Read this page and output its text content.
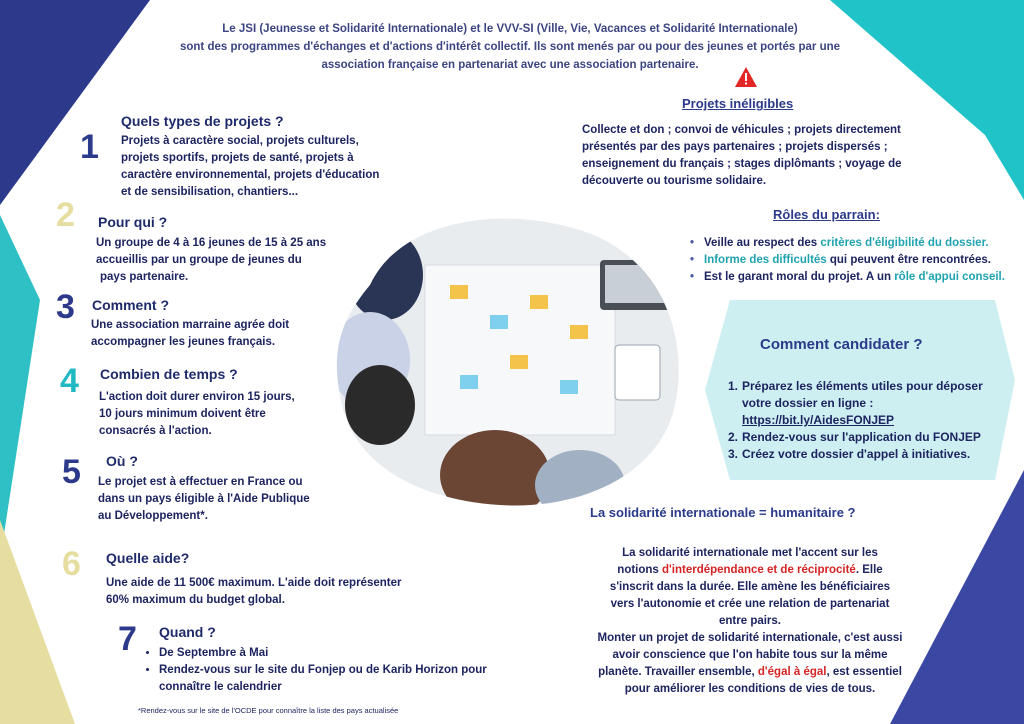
Le JSI (Jeunesse et Solidarité Internationale) et le VVV-SI (Ville, Vie, Vacances et Solidarité Internationale)
sont des programmes d'échanges et d'actions d'intérêt collectif. Ils sont menés par ou pour des jeunes et portés par une
association française en partenariat avec une association partenaire.
1
Quels types de projets ?
Projets à caractère social, projets culturels,
projets sportifs, projets de santé, projets à
caractère environnemental, projets d'éducation
et de sensibilisation, chantiers...
2 Pour qui ?
Un groupe de 4 à 16 jeunes de 15 à 25 ans
accueillis par un groupe de jeunes du
pays partenaire.
3 Comment ?
Une association marraine agrée doit
accompagner les jeunes français.
4 Combien de temps ?
L'action doit durer environ 15 jours,
10 jours minimum doivent être
consacrés à l'action.
5 Où ?
Le projet est à effectuer en France ou
dans un pays éligible à l'Aide Publique
au Développement*.
6 Quelle aide?
Une aide de 11 500€ maximum. L'aide doit représenter
60% maximum du budget global.
7 Quand ?
• De Septembre à Mai
• Rendez-vous sur le site du Fonjep ou de Karib Horizon pour connaître le calendrier
*Rendez-vous sur le site de l'OCDE pour connaître la liste des pays actualisée
Projets inéligibles
Collecte et don ; convoi de véhicules ; projets directement
présentés par des pays partenaires ; projets dispersés ;
enseignement du français ; stages diplômants ; voyage de
découverte ou tourisme solidaire.
Rôles du parrain:
• Veille au respect des critères d'éligibilité du dossier.
• Informe des difficultés qui peuvent être rencontrées.
• Est le garant moral du projet. A un rôle d'appui conseil.
Comment candidater ?
1. Préparez les éléments utiles pour déposer votre dossier en ligne :
https://bit.ly/AidesFONJEP
2. Rendez-vous sur l'application du FONJEP
3. Créez votre dossier d'appel à initiatives.
La solidarité internationale = humanitaire ?
La solidarité internationale met l'accent sur les
notions d'interdépendance et de réciprocité. Elle
s'inscrit dans la durée. Elle amène les bénéficiaires
vers l'autonomie et crée une relation de partenariat
entre pairs.
Monter un projet de solidarité internationale, c'est aussi
avoir conscience que l'on habite tous sur la même
planète. Travailler ensemble, d'égal à égal, est essentiel
pour améliorer les conditions de vies de tous.
